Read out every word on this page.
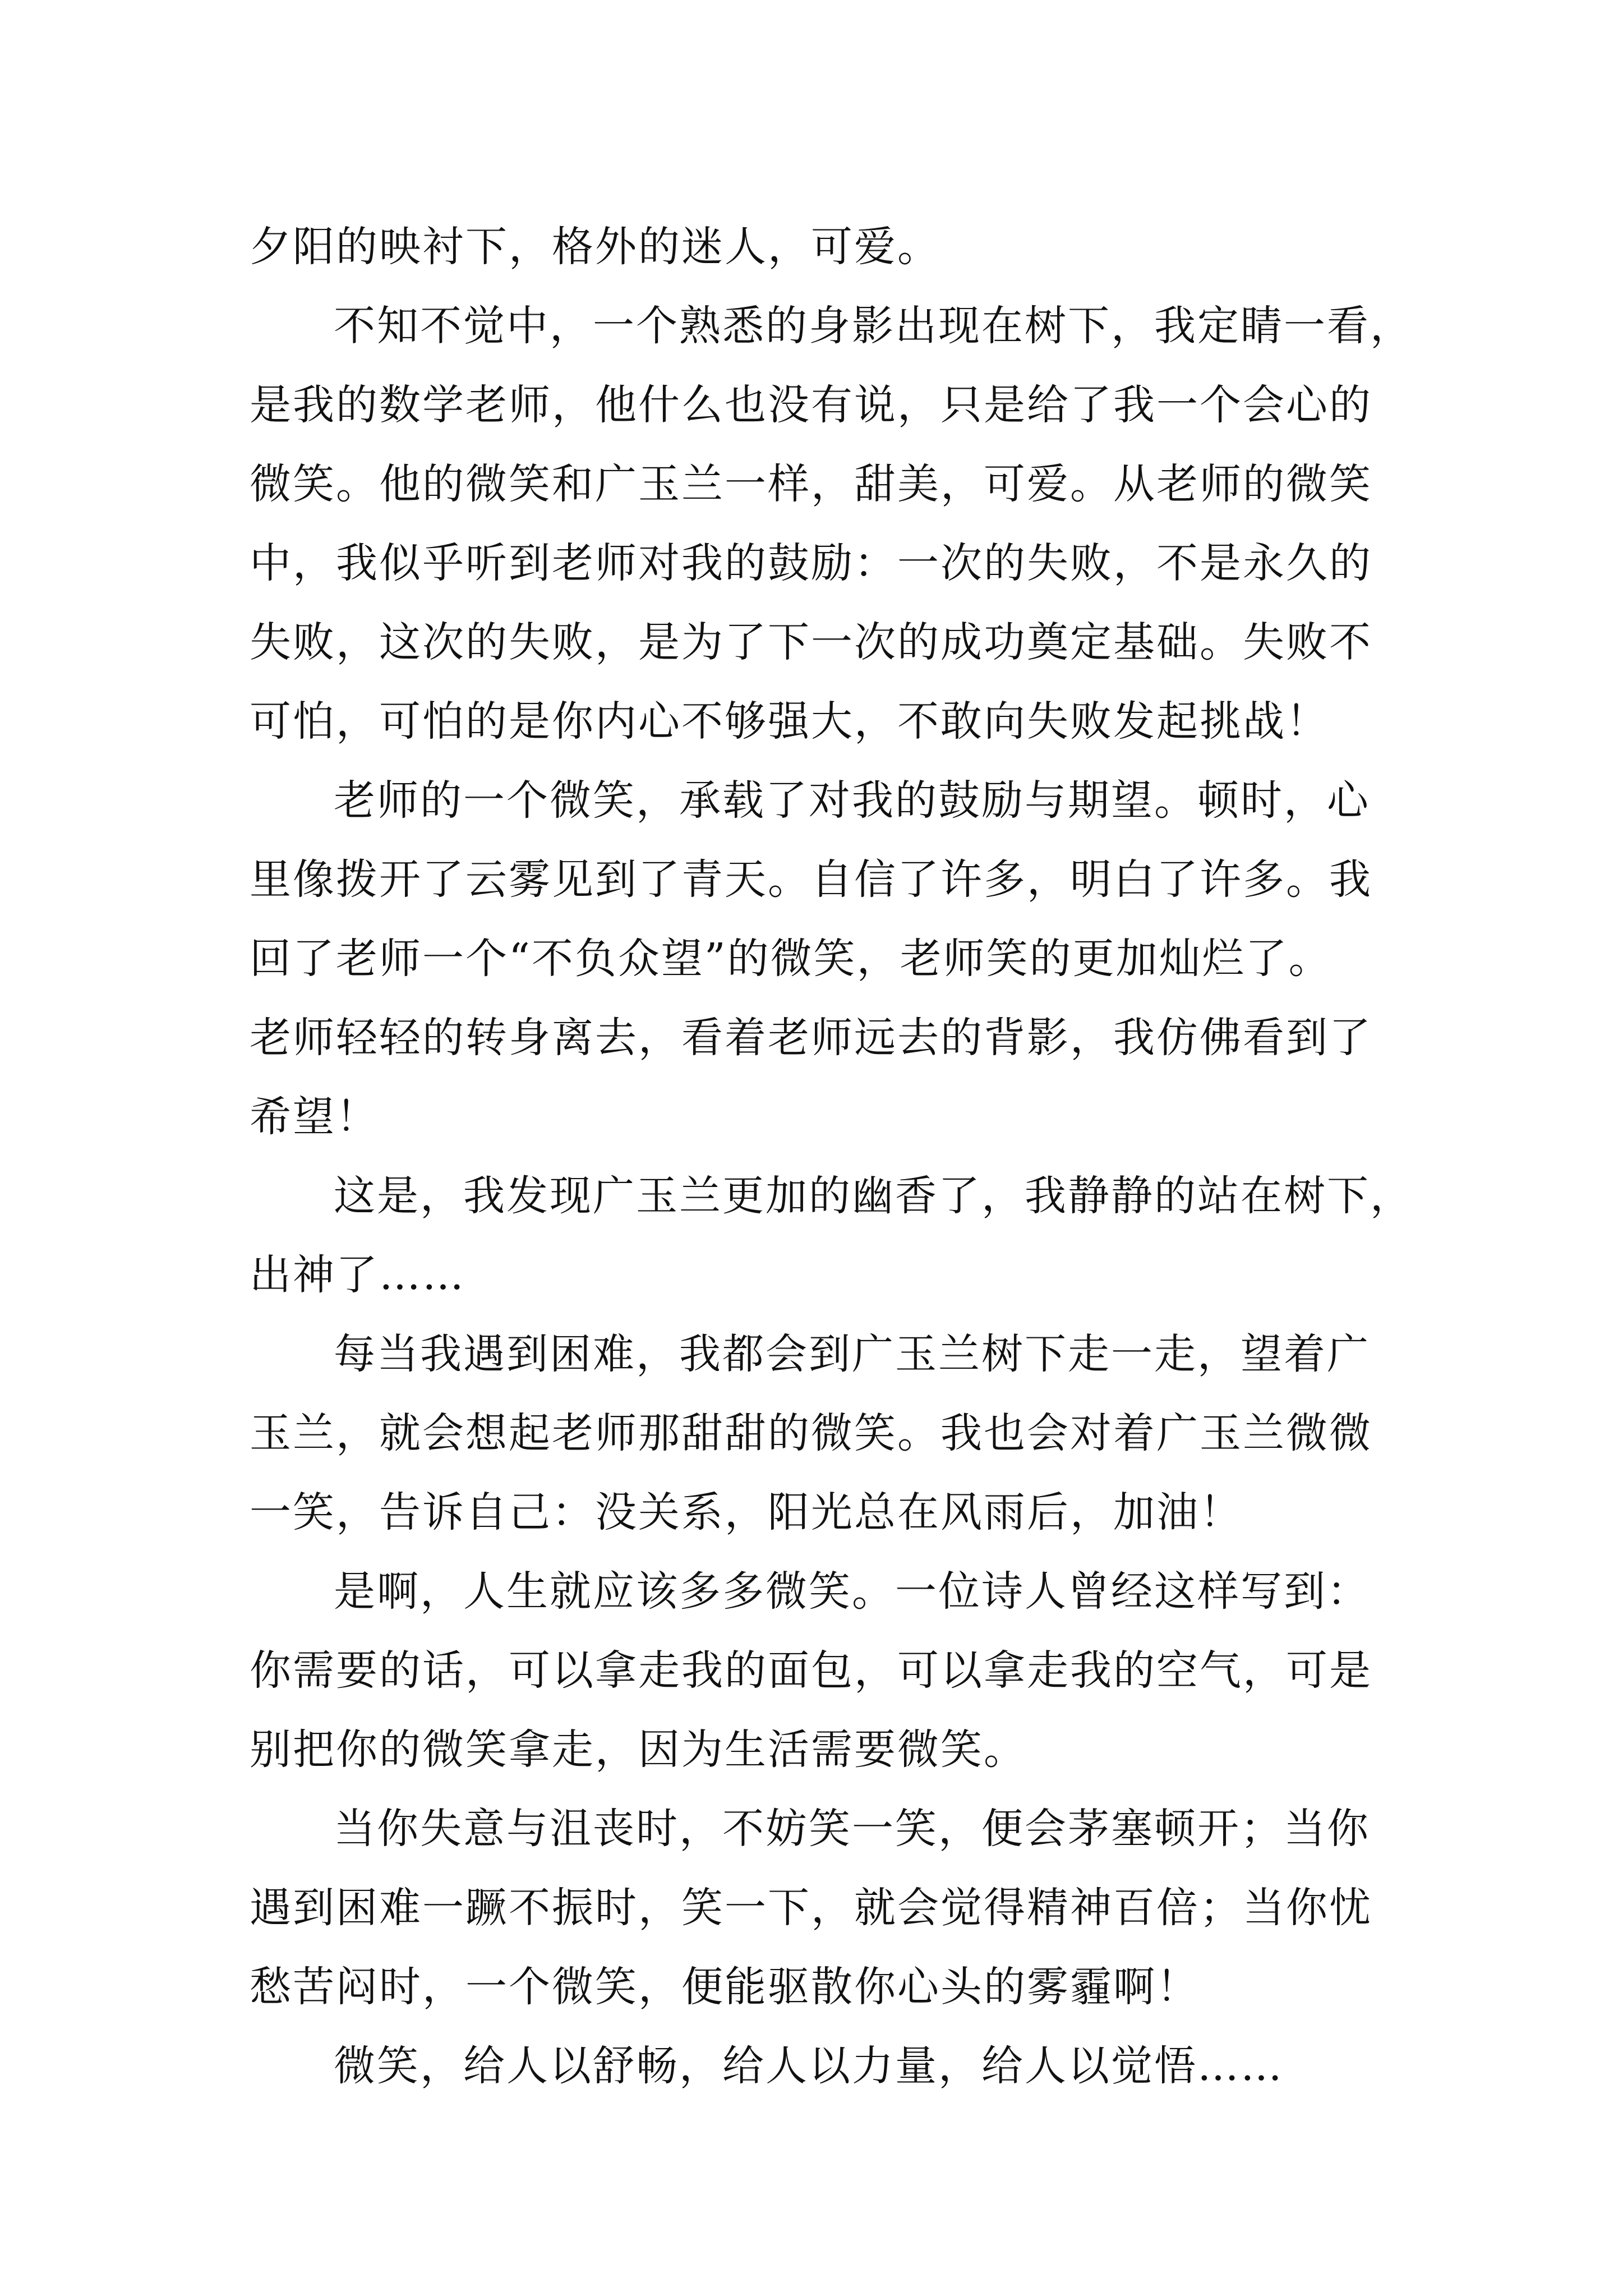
夕阳的映衬下，格外的迷人，可爱。
不知不觉中，一个熟悉的身影出现在树下，我定睛一看，
是我的数学老师，他什么也没有说，只是给了我一个会心的
微笑。他的微笑和广玉兰一样，甜美，可爱。从老师的微笑
中，我似乎听到老师对我的鼓励：一次的失败，不是永久的
失败，这次的失败，是为了下一次的成功奠定基础。失败不
可怕，可怕的是你内心不够强大，不敢向失败发起挑战！
老师的一个微笑，承载了对我的鼓励与期望。顿时，心
里像拨开了云雾见到了青天。自信了许多，明白了许多。我
回了老师一个“不负众望”的微笑，老师笑的更加灿烂了。
老师轻轻的转身离去，看着老师远去的背影，我仿佛看到了
希望！
这是，我发现广玉兰更加的幽香了，我静静的站在树下，
出神了……
每当我遇到困难，我都会到广玉兰树下走一走，望着广
玉兰，就会想起老师那甜甜的微笑。我也会对着广玉兰微微
一笑，告诉自己：没关系，阳光总在风雨后，加油！
是啊，人生就应该多多微笑。一位诗人曾经这样写到：
你需要的话，可以拿走我的面包，可以拿走我的空气，可是
别把你的微笑拿走，因为生活需要微笑。
当你失意与沮丧时，不妨笑一笑，便会茅塞顿开；当你
遇到困难一蹶不振时，笑一下，就会觉得精神百倍；当你忧
愁苦闷时，一个微笑，便能驱散你心头的雾霾啊！
微笑，给人以舒畅，给人以力量，给人以觉悟……
